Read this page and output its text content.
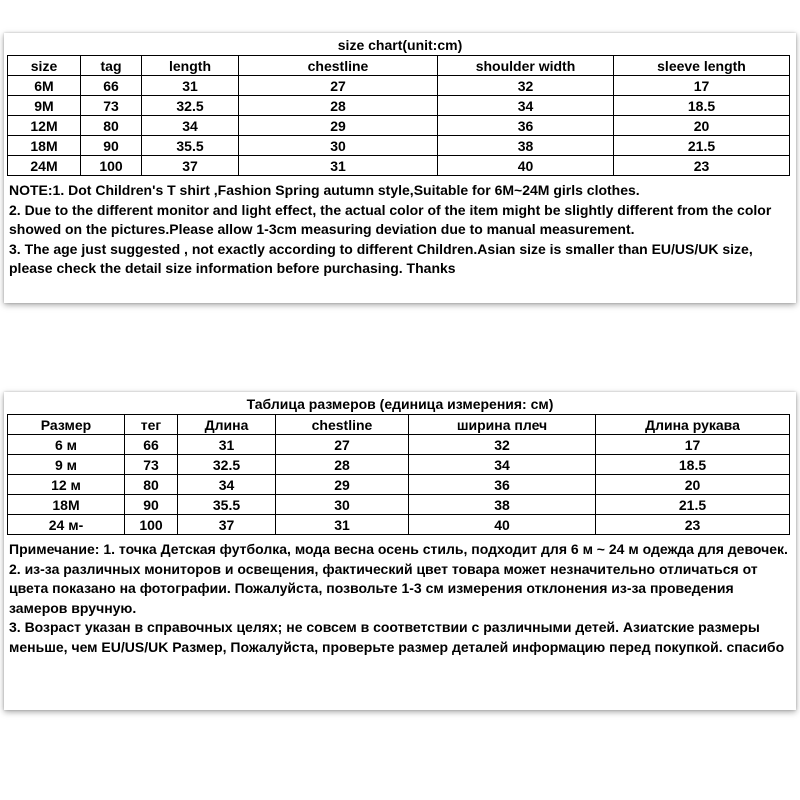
size chart(unit:cm)
size	tag	length	chestline	shoulder width	sleeve length
6M	66	31	27	32	17
9M	73	32.5	28	34	18.5
12M	80	34	29	36	20
18M	90	35.5	30	38	21.5
24M	100	37	31	40	23

NOTE:1. Dot Children's T shirt ,Fashion Spring autumn style,Suitable for 6M~24M girls clothes.

2. Due to the different monitor and light effect, the actual color of the item might be slightly different from the color showed on the pictures.Please allow 1-3cm measuring deviation due to manual measurement.

3. The age just suggested , not exactly according to different Children.Asian size is smaller than EU/US/UK size, please check the detail size information before purchasing. Thanks

Таблица размеров (единица измерения: см)
Размер	тег	Длина	chestline	ширина плеч	Длина рукава
6 м	66	31	27	32	17
9 м	73	32.5	28	34	18.5
12 м	80	34	29	36	20
18M	90	35.5	30	38	21.5
24 м-	100	37	31	40	23

Примечание: 1. точка Детская футболка, мода весна осень стиль, подходит для 6 м ~ 24 м одежда для девочек.

2. из-за различных мониторов и освещения, фактический цвет товара может незначительно отличаться от цвета показано на фотографии. Пожалуйста, позвольте 1-3 см измерения отклонения из-за проведения замеров вручную.

3. Возраст указан в справочных целях; не совсем в соответствии с различными детей. Азиатские размеры меньше, чем EU/US/UK Размер, Пожалуйста, проверьте размер деталей информацию перед покупкой. спасибо
